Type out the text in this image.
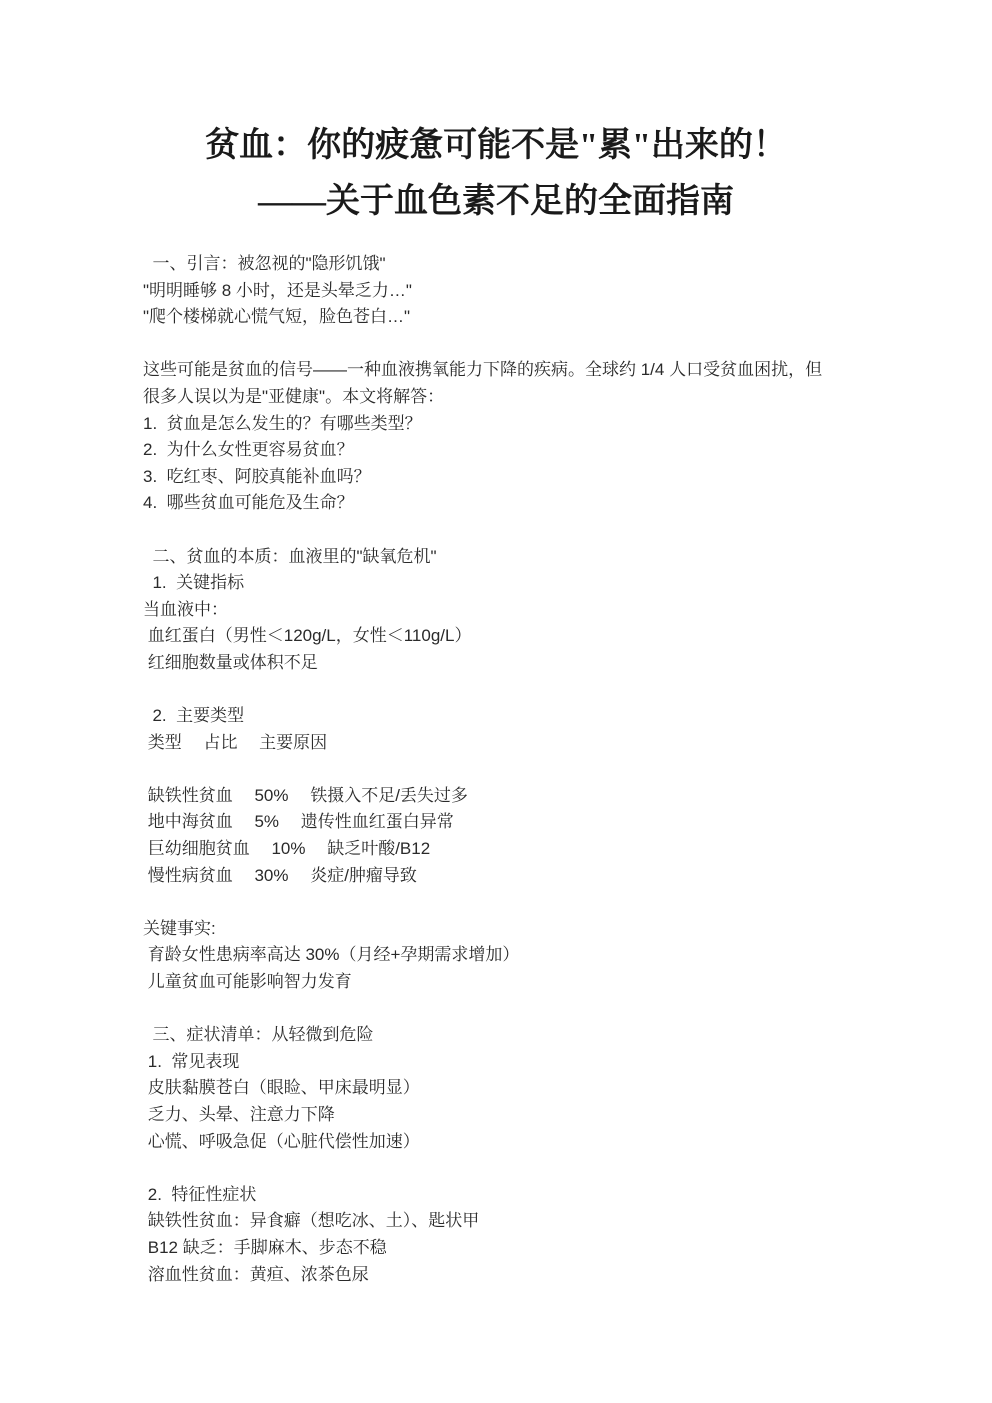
贫血：你的疲惫可能不是"累"出来的！
——关于血色素不足的全面指南
一、引言：被忽视的"隐形饥饿"
"明明睡够 8 小时，还是头晕乏力…"
"爬个楼梯就心慌气短，脸色苍白…"

这些可能是贫血的信号——一种血液携氧能力下降的疾病。全球约 1/4 人口受贫血困扰，但
很多人误以为是"亚健康"。本文将解答：
1.  贫血是怎么发生的？有哪些类型？
2.  为什么女性更容易贫血？
3.  吃红枣、阿胶真能补血吗？
4.  哪些贫血可能危及生命？

二、贫血的本质：血液里的"缺氧危机"
1.  关键指标
当血液中：
血红蛋白（男性＜120g/L，女性＜110g/L）
红细胞数量或体积不足

2.  主要类型
类型　 占比　 主要原因

缺铁性贫血　 50%　 铁摄入不足/丢失过多
地中海贫血　 5%　 遗传性血红蛋白异常
巨幼细胞贫血　 10%　 缺乏叶酸/B12
慢性病贫血　 30%　 炎症/肿瘤导致

关键事实:
育龄女性患病率高达 30%（月经+孕期需求增加）
儿童贫血可能影响智力发育

三、症状清单：从轻微到危险
1.  常见表现
皮肤黏膜苍白（眼睑、甲床最明显）
乏力、头晕、注意力下降
心慌、呼吸急促（心脏代偿性加速）

2.  特征性症状
缺铁性贫血：异食癖（想吃冰、土）、匙状甲
B12 缺乏：手脚麻木、步态不稳
溶血性贫血：黄疸、浓茶色尿
